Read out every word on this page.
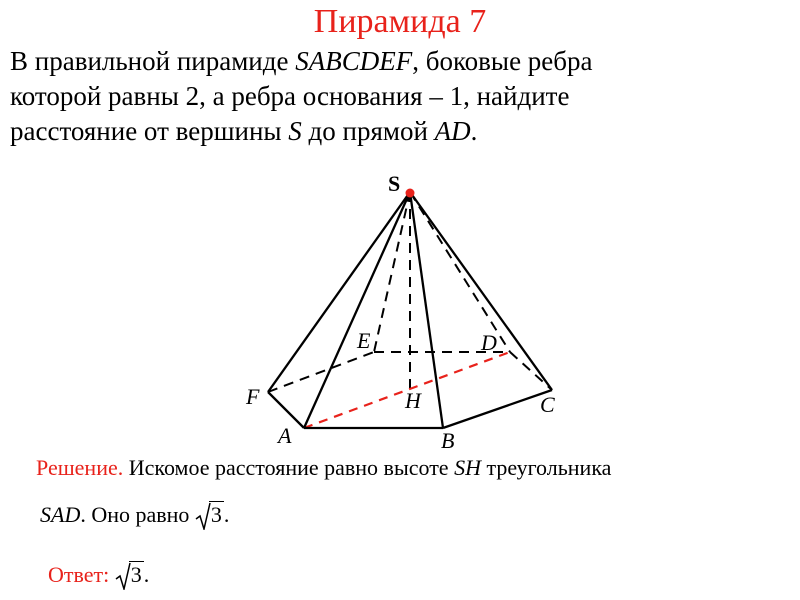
Пирамида 7
В правильной пирамиде SABCDEF, боковые ребра
которой равны 2, а ребра основания – 1, найдите
расстояние от вершины S до прямой AD.
S
E	D
F	H	C
A	B
Решение. Искомое расстояние равно высоте SH треугольника
SAD. Оно равно
3.
Ответ: 3.
